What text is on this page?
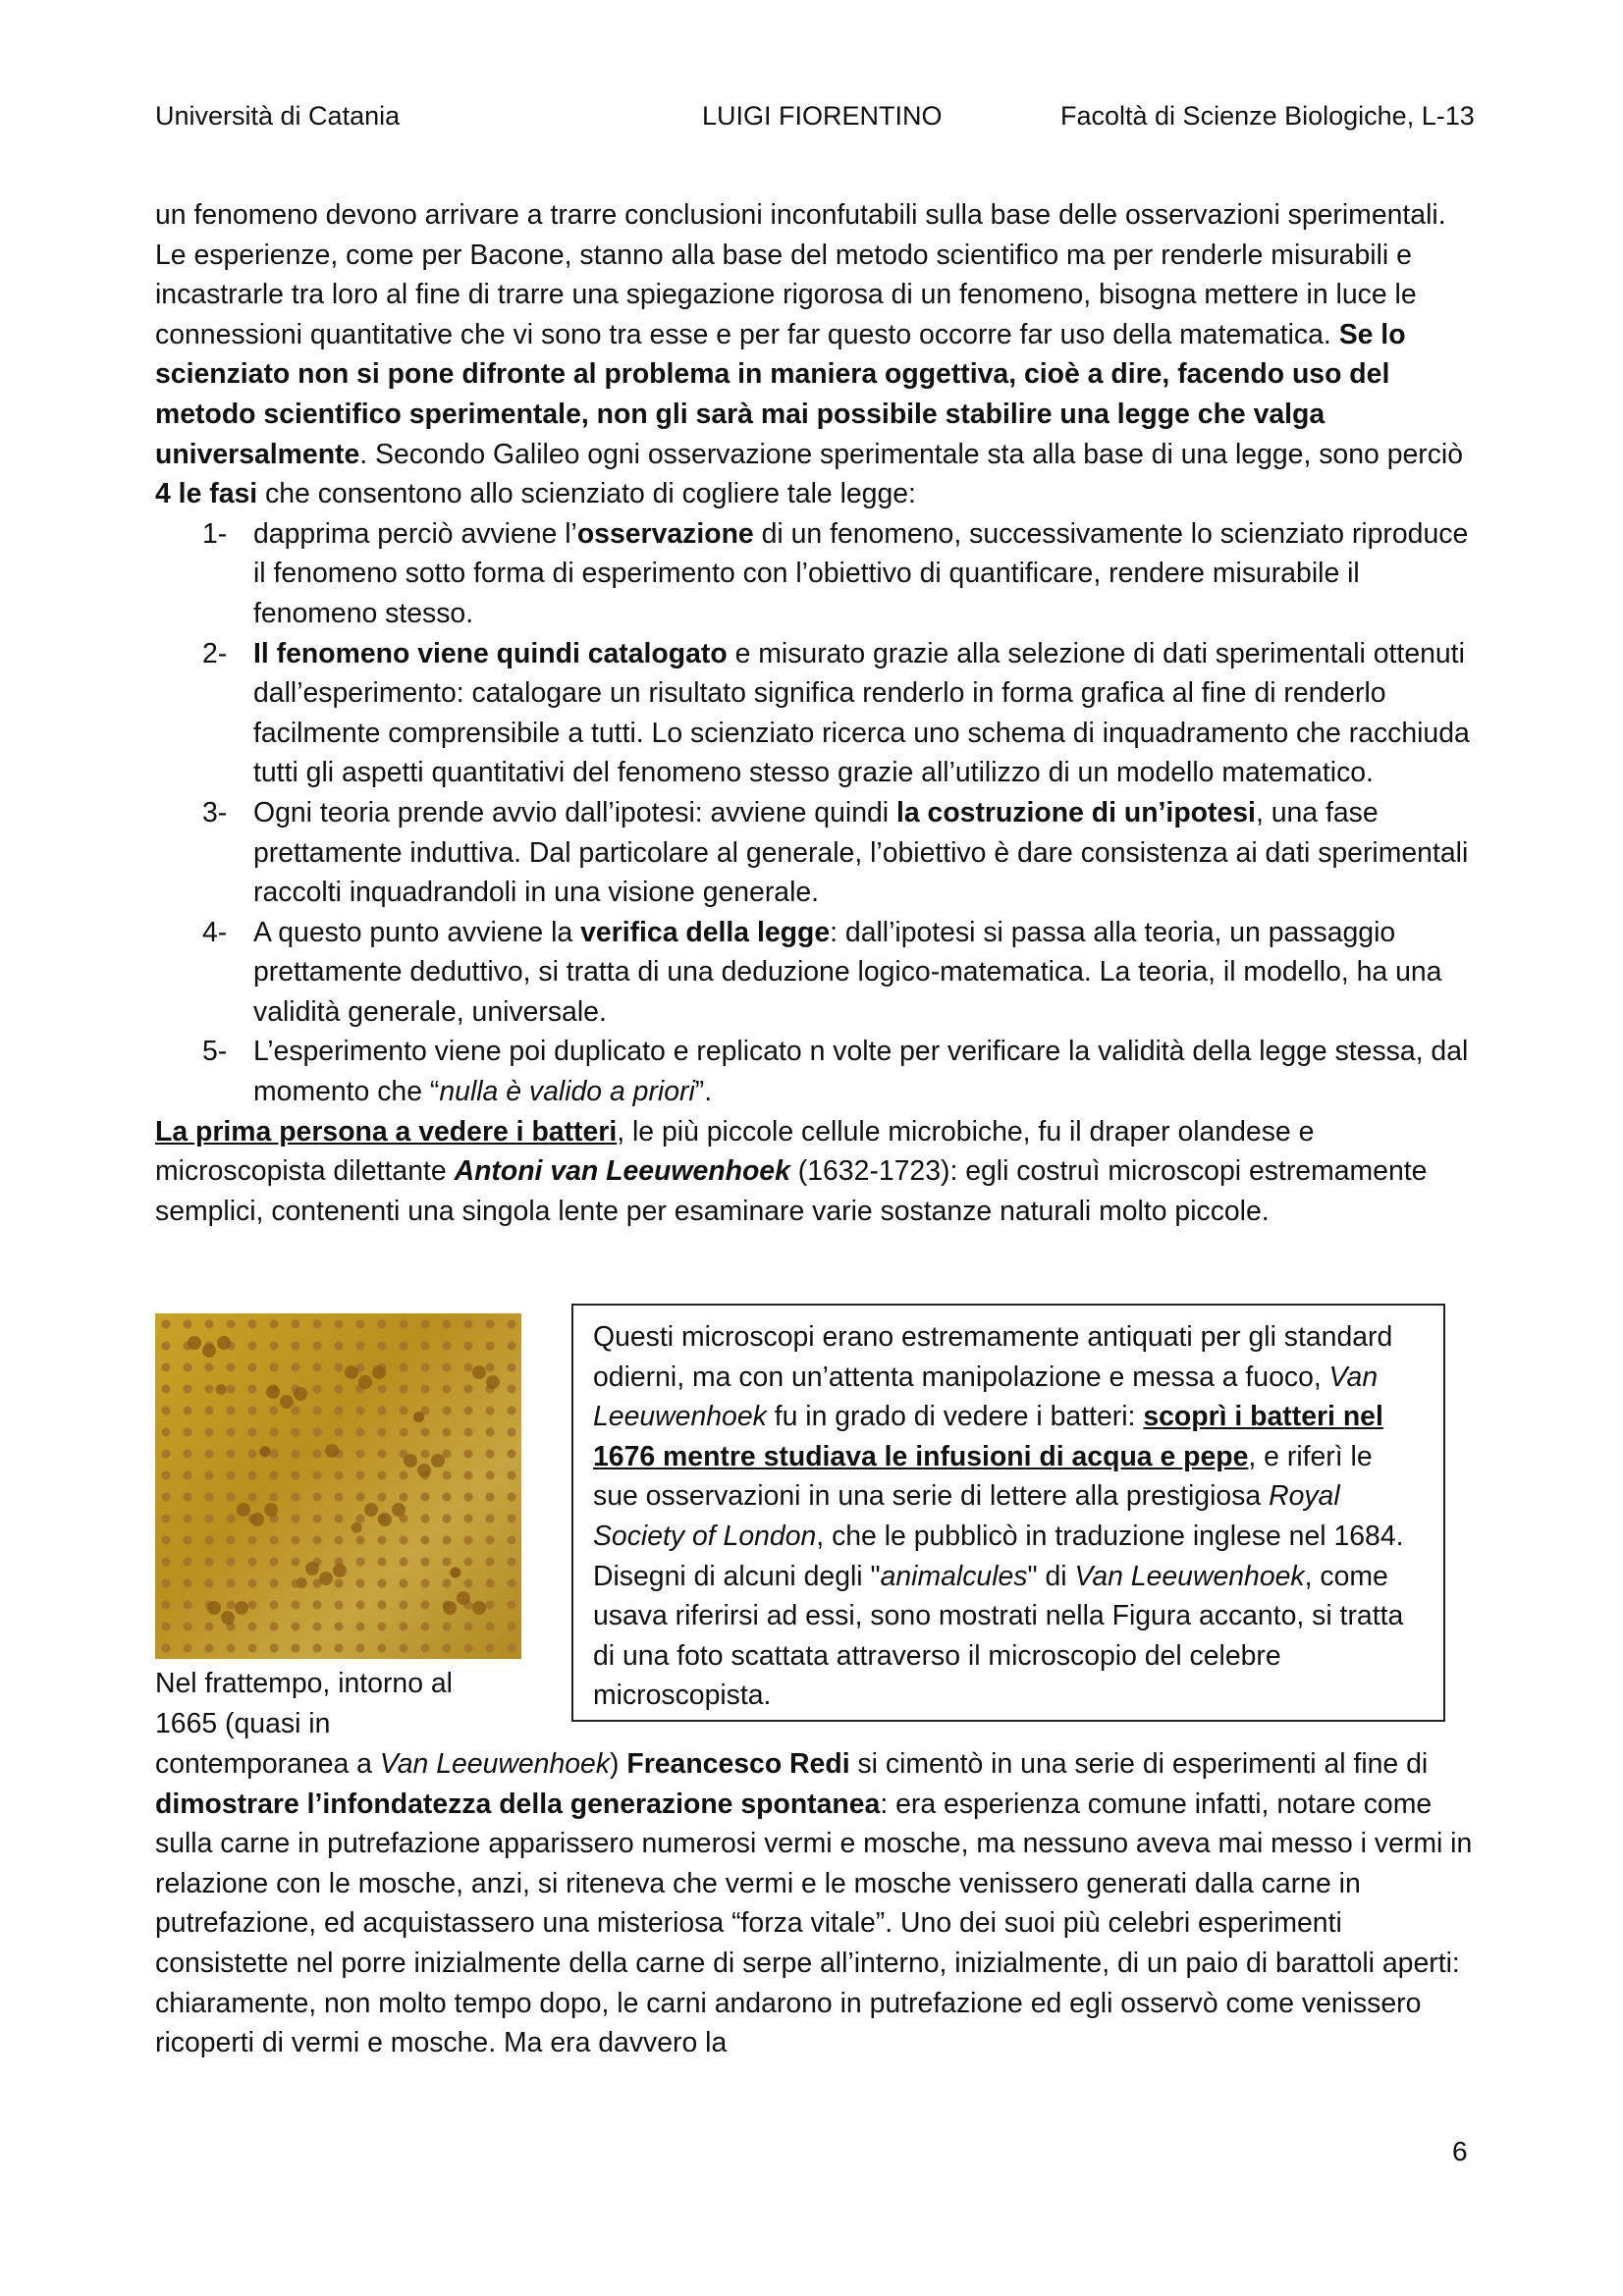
Università di Catania	LUIGI FIORENTINO	Facoltà di Scienze Biologiche, L-13

un fenomeno devono arrivare a trarre conclusioni inconfutabili sulla base delle osservazioni sperimentali. Le esperienze, come per Bacone, stanno alla base del metodo scientifico ma per renderle misurabili e incastrarle tra loro al fine di trarre una spiegazione rigorosa di un fenomeno, bisogna mettere in luce le connessioni quantitative che vi sono tra esse e per far questo occorre far uso della matematica. Se lo scienziato non si pone difronte al problema in maniera oggettiva, cioè a dire, facendo uso del metodo scientifico sperimentale, non gli sarà mai possibile stabilire una legge che valga universalmente. Secondo Galileo ogni osservazione sperimentale sta alla base di una legge, sono perciò 4 le fasi che consentono allo scienziato di cogliere tale legge:

1- dapprima perciò avviene l’osservazione di un fenomeno, successivamente lo scienziato riproduce il fenomeno sotto forma di esperimento con l’obiettivo di quantificare, rendere misurabile il fenomeno stesso.
2- Il fenomeno viene quindi catalogato e misurato grazie alla selezione di dati sperimentali ottenuti dall’esperimento: catalogare un risultato significa renderlo in forma grafica al fine di renderlo facilmente comprensibile a tutti. Lo scienziato ricerca uno schema di inquadramento che racchiuda tutti gli aspetti quantitativi del fenomeno stesso grazie all’utilizzo di un modello matematico.
3- Ogni teoria prende avvio dall’ipotesi: avviene quindi la costruzione di un’ipotesi, una fase prettamente induttiva. Dal particolare al generale, l’obiettivo è dare consistenza ai dati sperimentali raccolti inquadrandoli in una visione generale.
4- A questo punto avviene la verifica della legge: dall’ipotesi si passa alla teoria, un passaggio prettamente deduttivo, si tratta di una deduzione logico-matematica. La teoria, il modello, ha una validità generale, universale.
5- L’esperimento viene poi duplicato e replicato n volte per verificare la validità della legge stessa, dal momento che “nulla è valido a priori”.

La prima persona a vedere i batteri, le più piccole cellule microbiche, fu il draper olandese e microscopista dilettante Antoni van Leeuwenhoek (1632-1723): egli costruì microscopi estremamente semplici, contenenti una singola lente per esaminare varie sostanze naturali molto piccole.

Nel frattempo, intorno al 1665 (quasi in
Questi microscopi erano estremamente antiquati per gli standard odierni, ma con un’attenta manipolazione e messa a fuoco, Van Leeuwenhoek fu in grado di vedere i batteri: scoprì i batteri nel 1676 mentre studiava le infusioni di acqua e pepe, e riferì le sue osservazioni in una serie di lettere alla prestigiosa Royal Society of London, che le pubblicò in traduzione inglese nel 1684. Disegni di alcuni degli "animalcules" di Van Leeuwenhoek, come usava riferirsi ad essi, sono mostrati nella Figura accanto, si tratta di una foto scattata attraverso il microscopio del celebre microscopista.

contemporanea a Van Leeuwenhoek) Freancesco Redi si cimentò in una serie di esperimenti al fine di dimostrare l’infondatezza della generazione spontanea: era esperienza comune infatti, notare come sulla carne in putrefazione apparissero numerosi vermi e mosche, ma nessuno aveva mai messo i vermi in relazione con le mosche, anzi, si riteneva che vermi e le mosche venissero generati dalla carne in putrefazione, ed acquistassero una misteriosa “forza vitale”. Uno dei suoi più celebri esperimenti consistette nel porre inizialmente della carne di serpe all’interno, inizialmente, di un paio di barattoli aperti: chiaramente, non molto tempo dopo, le carni andarono in putrefazione ed egli osservò come venissero ricoperti di vermi e mosche. Ma era davvero la

6
